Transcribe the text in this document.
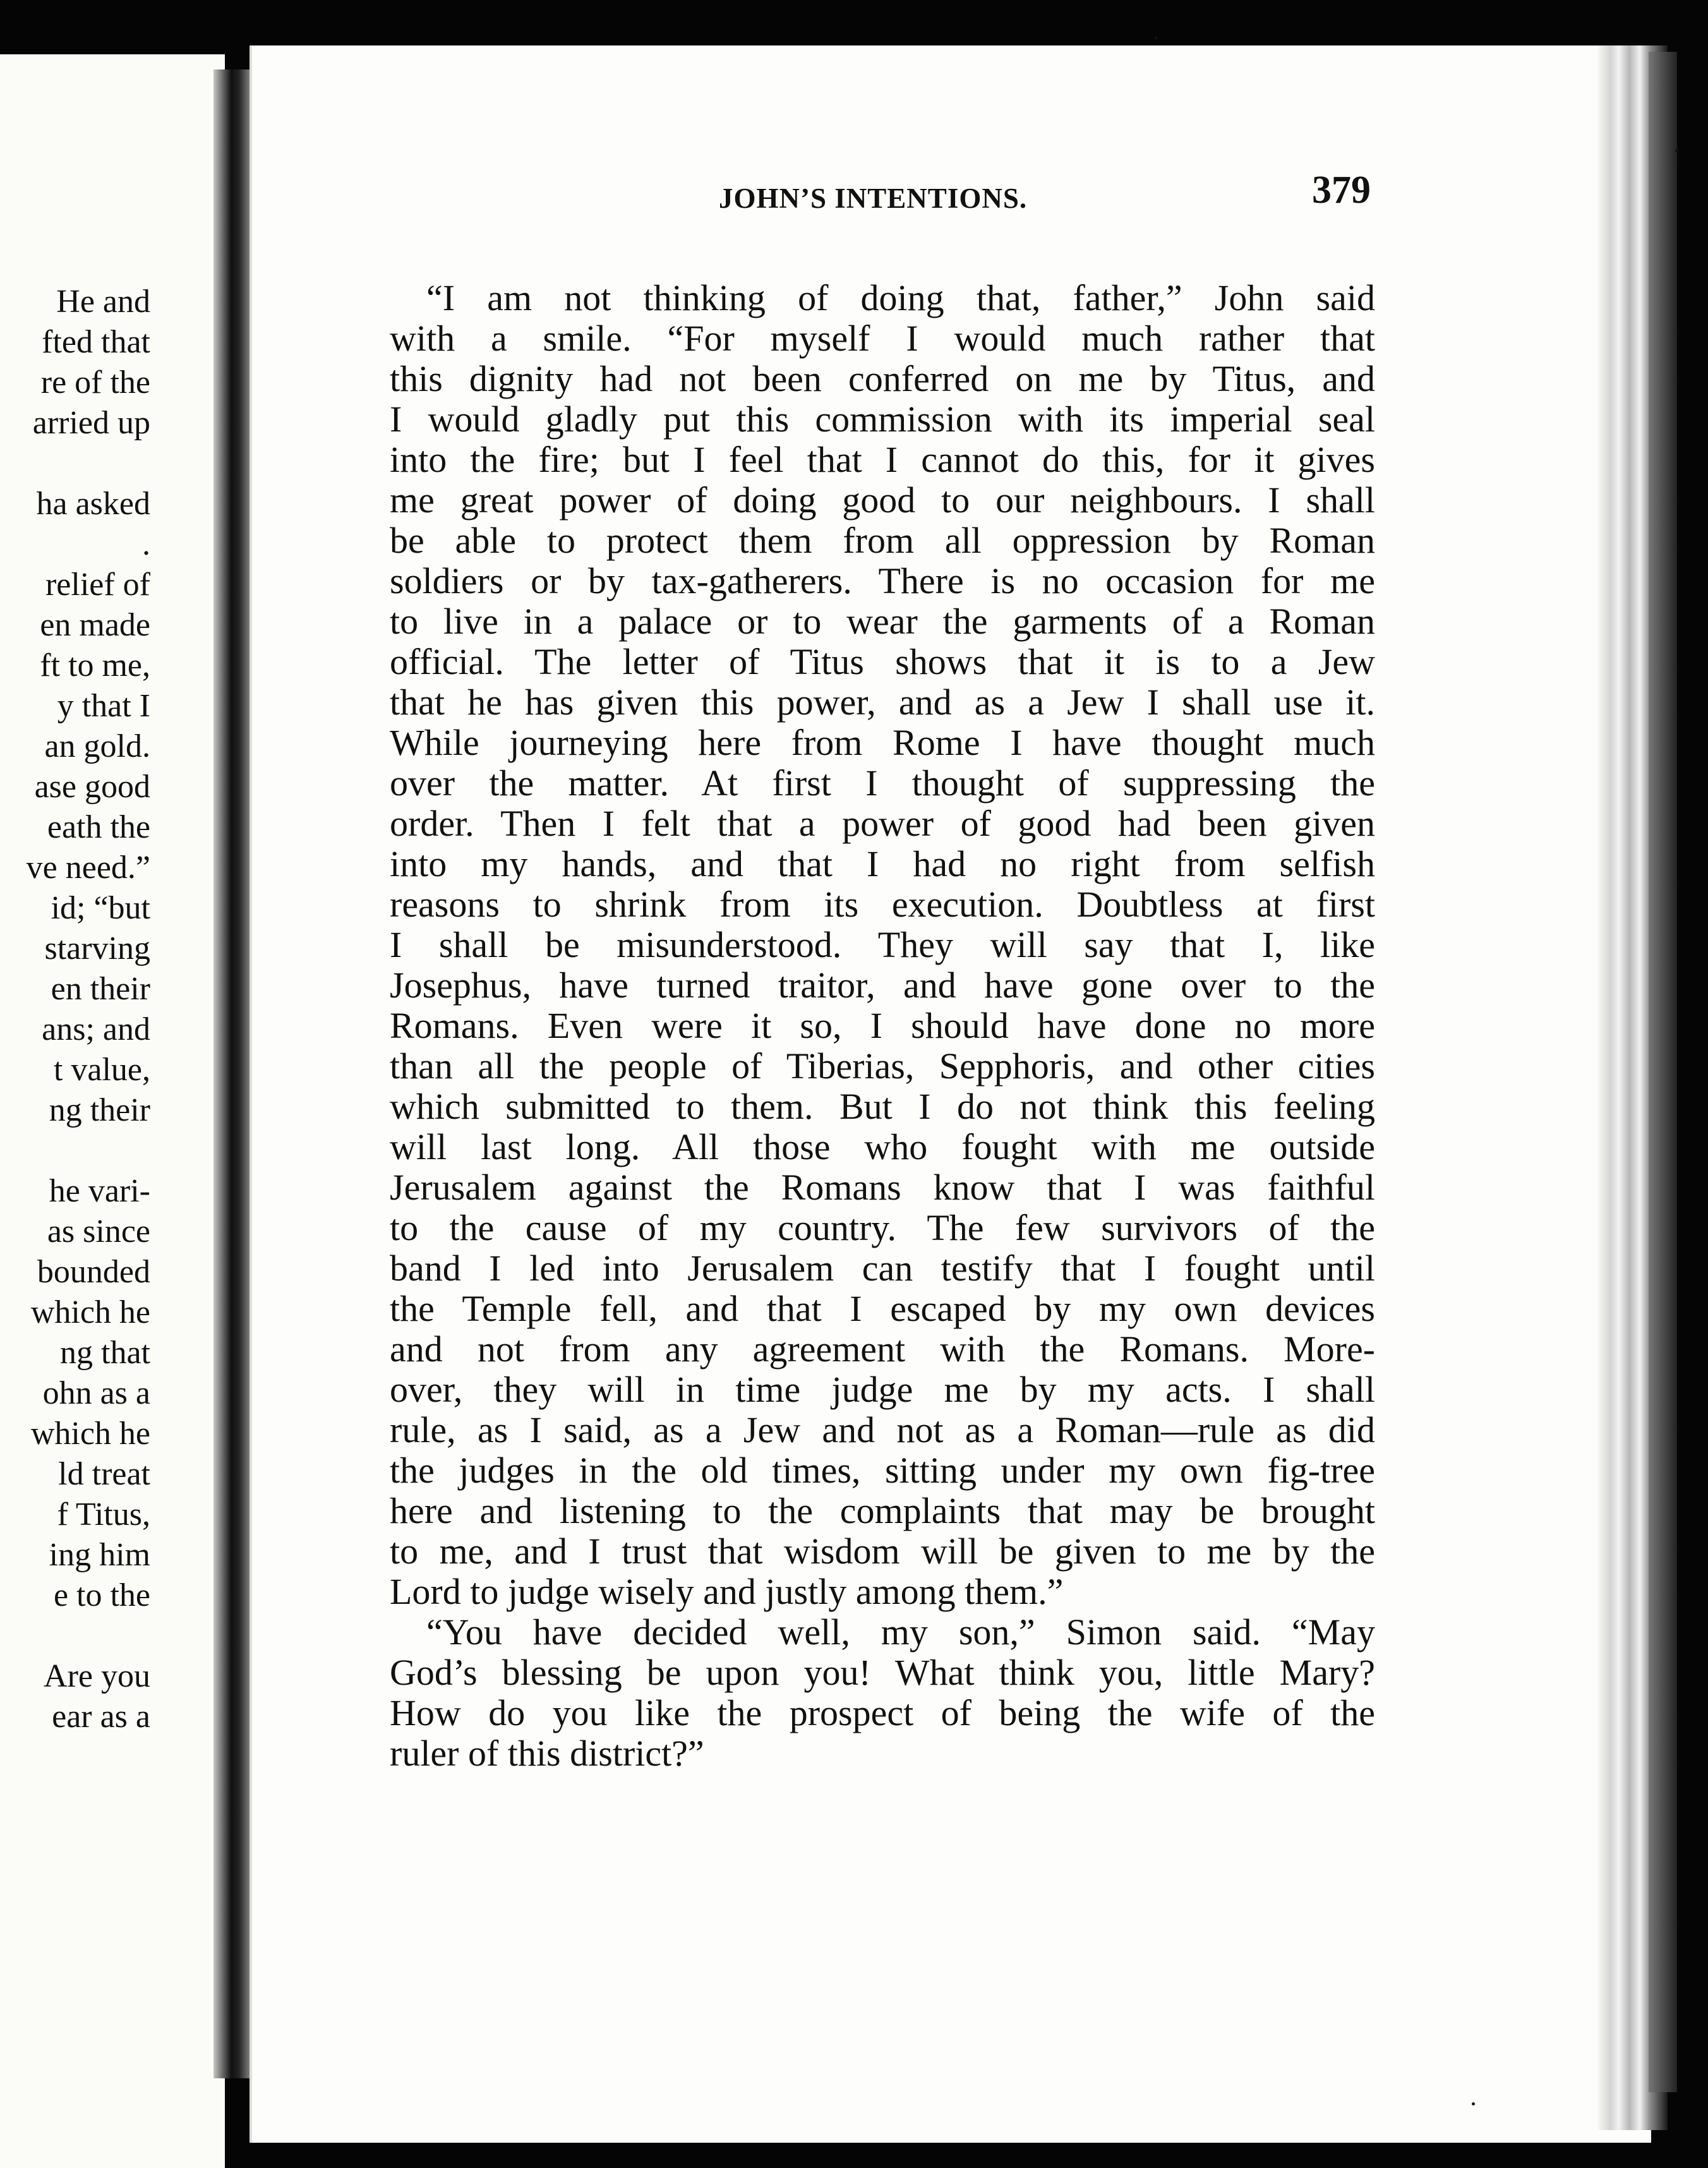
He and
fted that
re of the
arried up
ha asked
.
relief of
en made
ft to me,
y that I
an gold.
ase good
eath the
ve need.”
id; “but
starving
en their
ans; and
t value,
ng their
he vari-
as since
bounded
which he
ng that
ohn as a
which he
ld treat
f Titus,
ing him
e to the
Are you
ear as a
JOHN’S INTENTIONS.	379
“I am not thinking of doing that, father,” John said
with a smile. “For myself I would much rather that
this dignity had not been conferred on me by Titus, and
I would gladly put this commission with its imperial seal
into the fire; but I feel that I cannot do this, for it gives
me great power of doing good to our neighbours. I shall
be able to protect them from all oppression by Roman
soldiers or by tax-gatherers. There is no occasion for me
to live in a palace or to wear the garments of a Roman
official. The letter of Titus shows that it is to a Jew
that he has given this power, and as a Jew I shall use it.
While journeying here from Rome I have thought much
over the matter. At first I thought of suppressing the
order. Then I felt that a power of good had been given
into my hands, and that I had no right from selfish
reasons to shrink from its execution. Doubtless at first
I shall be misunderstood. They will say that I, like
Josephus, have turned traitor, and have gone over to the
Romans. Even were it so, I should have done no more
than all the people of Tiberias, Sepphoris, and other cities
which submitted to them. But I do not think this feeling
will last long. All those who fought with me outside
Jerusalem against the Romans know that I was faithful
to the cause of my country. The few survivors of the
band I led into Jerusalem can testify that I fought until
the Temple fell, and that I escaped by my own devices
and not from any agreement with the Romans. More-
over, they will in time judge me by my acts. I shall
rule, as I said, as a Jew and not as a Roman—rule as did
the judges in the old times, sitting under my own fig-tree
here and listening to the complaints that may be brought
to me, and I trust that wisdom will be given to me by the
Lord to judge wisely and justly among them.”
“You have decided well, my son,” Simon said. “May
God’s blessing be upon you! What think you, little Mary?
How do you like the prospect of being the wife of the
ruler of this district?”
